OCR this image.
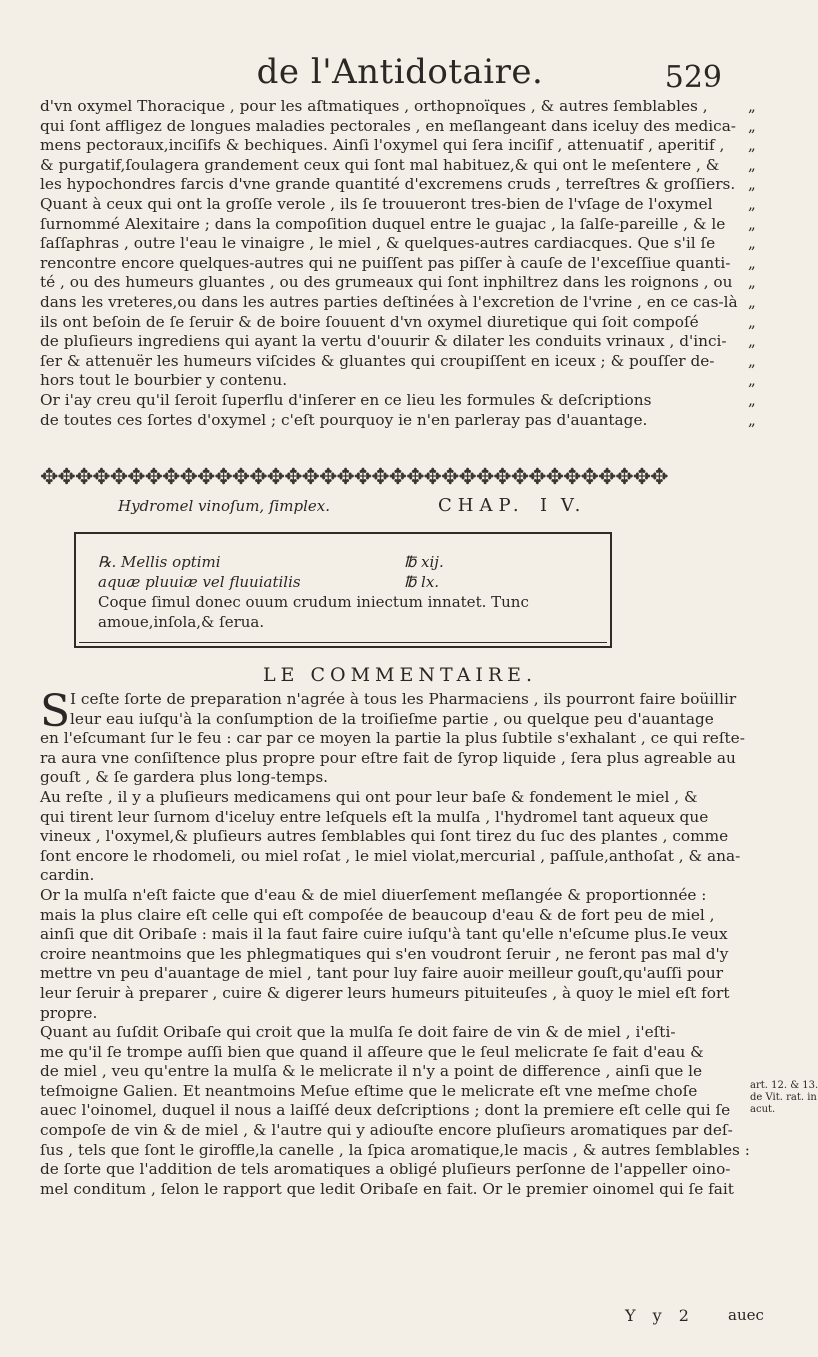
de l'Antidotaire.	529
d'vn oxymel Thoracique , pour les aſtmatiques , orthopnoïques , & autres ſemblables ,
qui ſont affligez de longues maladies pectorales , en meſlangeant dans iceluy des medica-
mens pectoraux,inciſifs & bechiques. Ainſi l'oxymel qui ſera inciſif , attenuatif , aperitif ,
& purgatif,ſoulagera grandement ceux qui ſont mal habituez,& qui ont le meſentere , &
les hypochondres farcis d'vne grande quantité d'excremens cruds , terreſtres & groſſiers.
Quant à ceux qui ont la groſſe verole , ils ſe trouueront tres-bien de l'vſage de l'oxymel
ſurnommé Alexitaire ; dans la compoſition duquel entre le guajac , la ſalſe-pareille , & le
ſaſſaphras , outre l'eau le vinaigre , le miel , & quelques-autres cardiacques. Que s'il ſe
rencontre encore quelques-autres qui ne puiſſent pas piſſer à cauſe de l'exceſſiue quanti-
té , ou des humeurs gluantes , ou des grumeaux qui ſont inphiltrez dans les roignons , ou
dans les vreteres,ou dans les autres parties deſtinées à l'excretion de l'vrine , en ce cas-là
ils ont beſoin de ſe ſeruir & de boire ſouuent d'vn oxymel diuretique qui ſoit compoſé
de pluſieurs ingrediens qui ayant la vertu d'ouurir & dilater les conduits vrinaux , d'inci-
ſer & attenuër les humeurs viſcides & gluantes qui croupiſſent en iceux ; & pouſſer de-
hors tout le bourbier y contenu.
Or i'ay creu qu'il ſeroit ſuperflu d'inſerer en ce lieu les formules & deſcriptions
de toutes ces ſortes d'oxymel ; c'eſt pourquoy ie n'en parleray pas d'auantage.
„
„
„
„
„
„
„
„
„
„
„
„
„
„
„
„
„
✥✥✥✥✥✥✥✥✥✥✥✥✥✥✥✥✥✥✥✥✥✥✥✥✥✥✥✥✥✥✥✥✥✥✥✥
Hydromel vinoſum, ſimplex.	CHAP. I V.
℞. Mellis optimi	℔ xij.
aquæ pluuiæ vel fluuiatilis	℔ lx.
Coque ſimul donec ouum crudum iniectum innatet. Tunc
amoue,inſola,& ſerua.
LE COMMENTAIRE.
S I ceſte ſorte de preparation n'agrée à tous les Pharmaciens , ils pourront faire boüillir
leur eau iuſqu'à la conſumption de la troiſieſme partie , ou quelque peu d'auantage
en l'eſcumant ſur le feu : car par ce moyen la partie la plus ſubtile s'exhalant , ce qui reſte-
ra aura vne conſiſtence plus propre pour eſtre fait de ſyrop liquide , ſera plus agreable au
gouſt , & ſe gardera plus long-temps.
Au reſte , il y a pluſieurs medicamens qui ont pour leur baſe & fondement le miel , &
qui tirent leur ſurnom d'iceluy entre leſquels eſt la mulſa , l'hydromel tant aqueux que
vineux , l'oxymel,& pluſieurs autres ſemblables qui ſont tirez du ſuc des plantes , comme
ſont encore le rhodomeli, ou miel roſat , le miel violat,mercurial , paſſule,anthoſat , & ana-
cardin.
Or la mulſa n'eſt faicte que d'eau & de miel diuerſement meſlangée & proportionnée :
mais la plus claire eſt celle qui eſt compoſée de beaucoup d'eau & de fort peu de miel ,
ainſi que dit Oribaſe : mais il la faut faire cuire iuſqu'à tant qu'elle n'eſcume plus.Ie veux
croire neantmoins que les phlegmatiques qui s'en voudront ſeruir , ne feront pas mal d'y
mettre vn peu d'auantage de miel , tant pour luy faire auoir meilleur gouſt,qu'auſſi pour
leur ſeruir à preparer , cuire & digerer leurs humeurs pituiteuſes , à quoy le miel eſt fort
propre.
Quant au ſuſdit Oribaſe qui croit que la mulſa ſe doit faire de vin & de miel , i'eſti-
me qu'il ſe trompe auſſi bien que quand il aſſeure que le ſeul melicrate ſe fait d'eau &
de miel , veu qu'entre la mulſa & le melicrate il n'y a point de difference , ainſi que le
teſmoigne Galien. Et neantmoins Meſue eſtime que le melicrate eſt vne meſme choſe
auec l'oinomel, duquel il nous a laiſſé deux deſcriptions ; dont la premiere eſt celle qui ſe
compoſe de vin & de miel , & l'autre qui y adiouſte encore pluſieurs aromatiques par deſ-
ſus , tels que ſont le giroffle,la canelle , la ſpica aromatique,le macis , & autres ſemblables :
de ſorte que l'addition de tels aromatiques a obligé pluſieurs perſonne de l'appeller oino-
mel conditum , ſelon le rapport que ledit Oribaſe en fait. Or le premier oinomel qui ſe fait
art. 12. & 13.
de Vit. rat. in
acut.
Y y 2 auec
